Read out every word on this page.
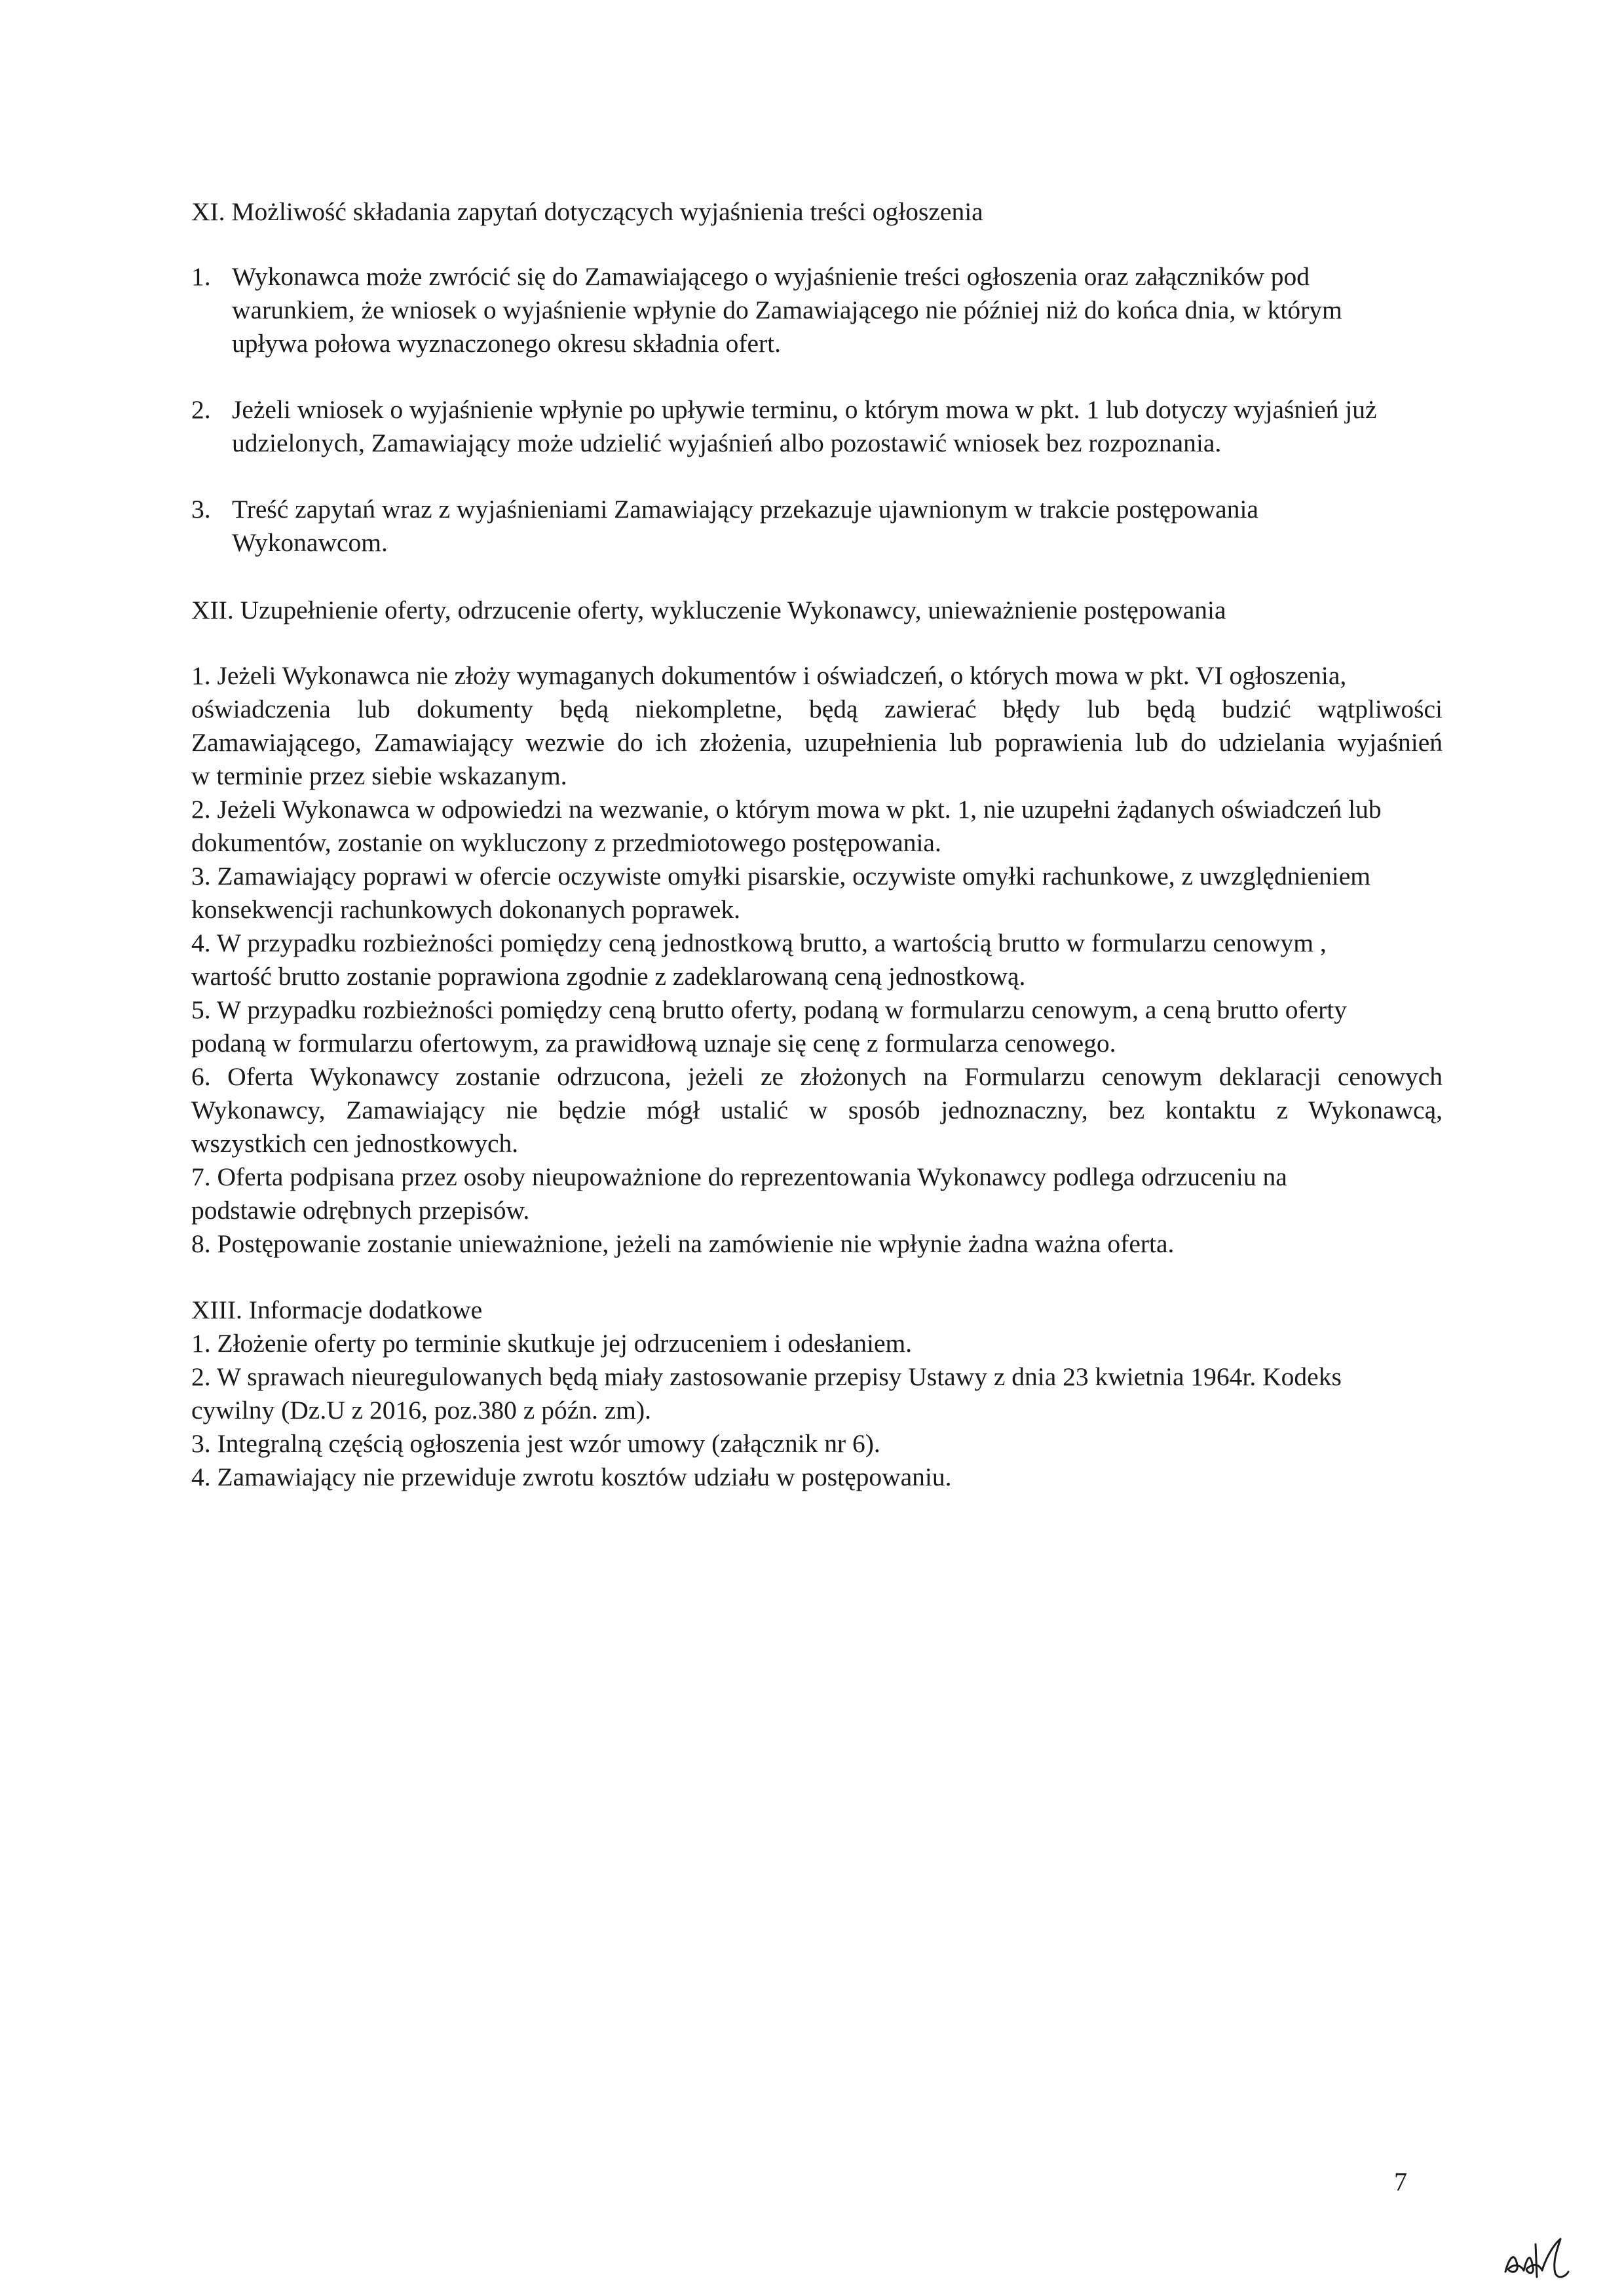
XI. Możliwość składania zapytań dotyczących wyjaśnienia treści ogłoszenia
1. Wykonawca może zwrócić się do Zamawiającego o wyjaśnienie treści ogłoszenia oraz załączników pod
warunkiem, że wniosek o wyjaśnienie wpłynie do Zamawiającego nie później niż do końca dnia, w którym
upływa połowa wyznaczonego okresu składnia ofert.
2. Jeżeli wniosek o wyjaśnienie wpłynie po upływie terminu, o którym mowa w pkt. 1 lub dotyczy wyjaśnień już
udzielonych, Zamawiający może udzielić wyjaśnień albo pozostawić wniosek bez rozpoznania.
3. Treść zapytań wraz z wyjaśnieniami Zamawiający przekazuje ujawnionym w trakcie postępowania
Wykonawcom.
XII. Uzupełnienie oferty, odrzucenie oferty, wykluczenie Wykonawcy, unieważnienie postępowania
1. Jeżeli Wykonawca nie złoży wymaganych dokumentów i oświadczeń, o których mowa w pkt. VI ogłoszenia,
oświadczenia lub dokumenty będą niekompletne, będą zawierać błędy lub będą budzić wątpliwości
Zamawiającego, Zamawiający wezwie do ich złożenia, uzupełnienia lub poprawienia lub do udzielania wyjaśnień
w terminie przez siebie wskazanym.
2. Jeżeli Wykonawca w odpowiedzi na wezwanie, o którym mowa w pkt. 1, nie uzupełni żądanych oświadczeń lub
dokumentów, zostanie on wykluczony z przedmiotowego postępowania.
3. Zamawiający poprawi w ofercie oczywiste omyłki pisarskie, oczywiste omyłki rachunkowe, z uwzględnieniem
konsekwencji rachunkowych dokonanych poprawek.
4. W przypadku rozbieżności pomiędzy ceną jednostkową brutto, a wartością brutto w formularzu cenowym ,
wartość brutto zostanie poprawiona zgodnie z zadeklarowaną ceną jednostkową.
5. W przypadku rozbieżności pomiędzy ceną brutto oferty, podaną w formularzu cenowym, a ceną brutto oferty
podaną w formularzu ofertowym, za prawidłową uznaje się cenę z formularza cenowego.
6. Oferta Wykonawcy zostanie odrzucona, jeżeli ze złożonych na Formularzu cenowym deklaracji cenowych
Wykonawcy, Zamawiający nie będzie mógł ustalić w sposób jednoznaczny, bez kontaktu z Wykonawcą,
wszystkich cen jednostkowych.
7. Oferta podpisana przez osoby nieupoważnione do reprezentowania Wykonawcy podlega odrzuceniu na
podstawie odrębnych przepisów.
8. Postępowanie zostanie unieważnione, jeżeli na zamówienie nie wpłynie żadna ważna oferta.
XIII. Informacje dodatkowe
1. Złożenie oferty po terminie skutkuje jej odrzuceniem i odesłaniem.
2. W sprawach nieuregulowanych będą miały zastosowanie przepisy Ustawy z dnia 23 kwietnia 1964r. Kodeks
cywilny (Dz.U z 2016, poz.380 z późn. zm).
3. Integralną częścią ogłoszenia jest wzór umowy (załącznik nr 6).
4. Zamawiający nie przewiduje zwrotu kosztów udziału w postępowaniu.
7
